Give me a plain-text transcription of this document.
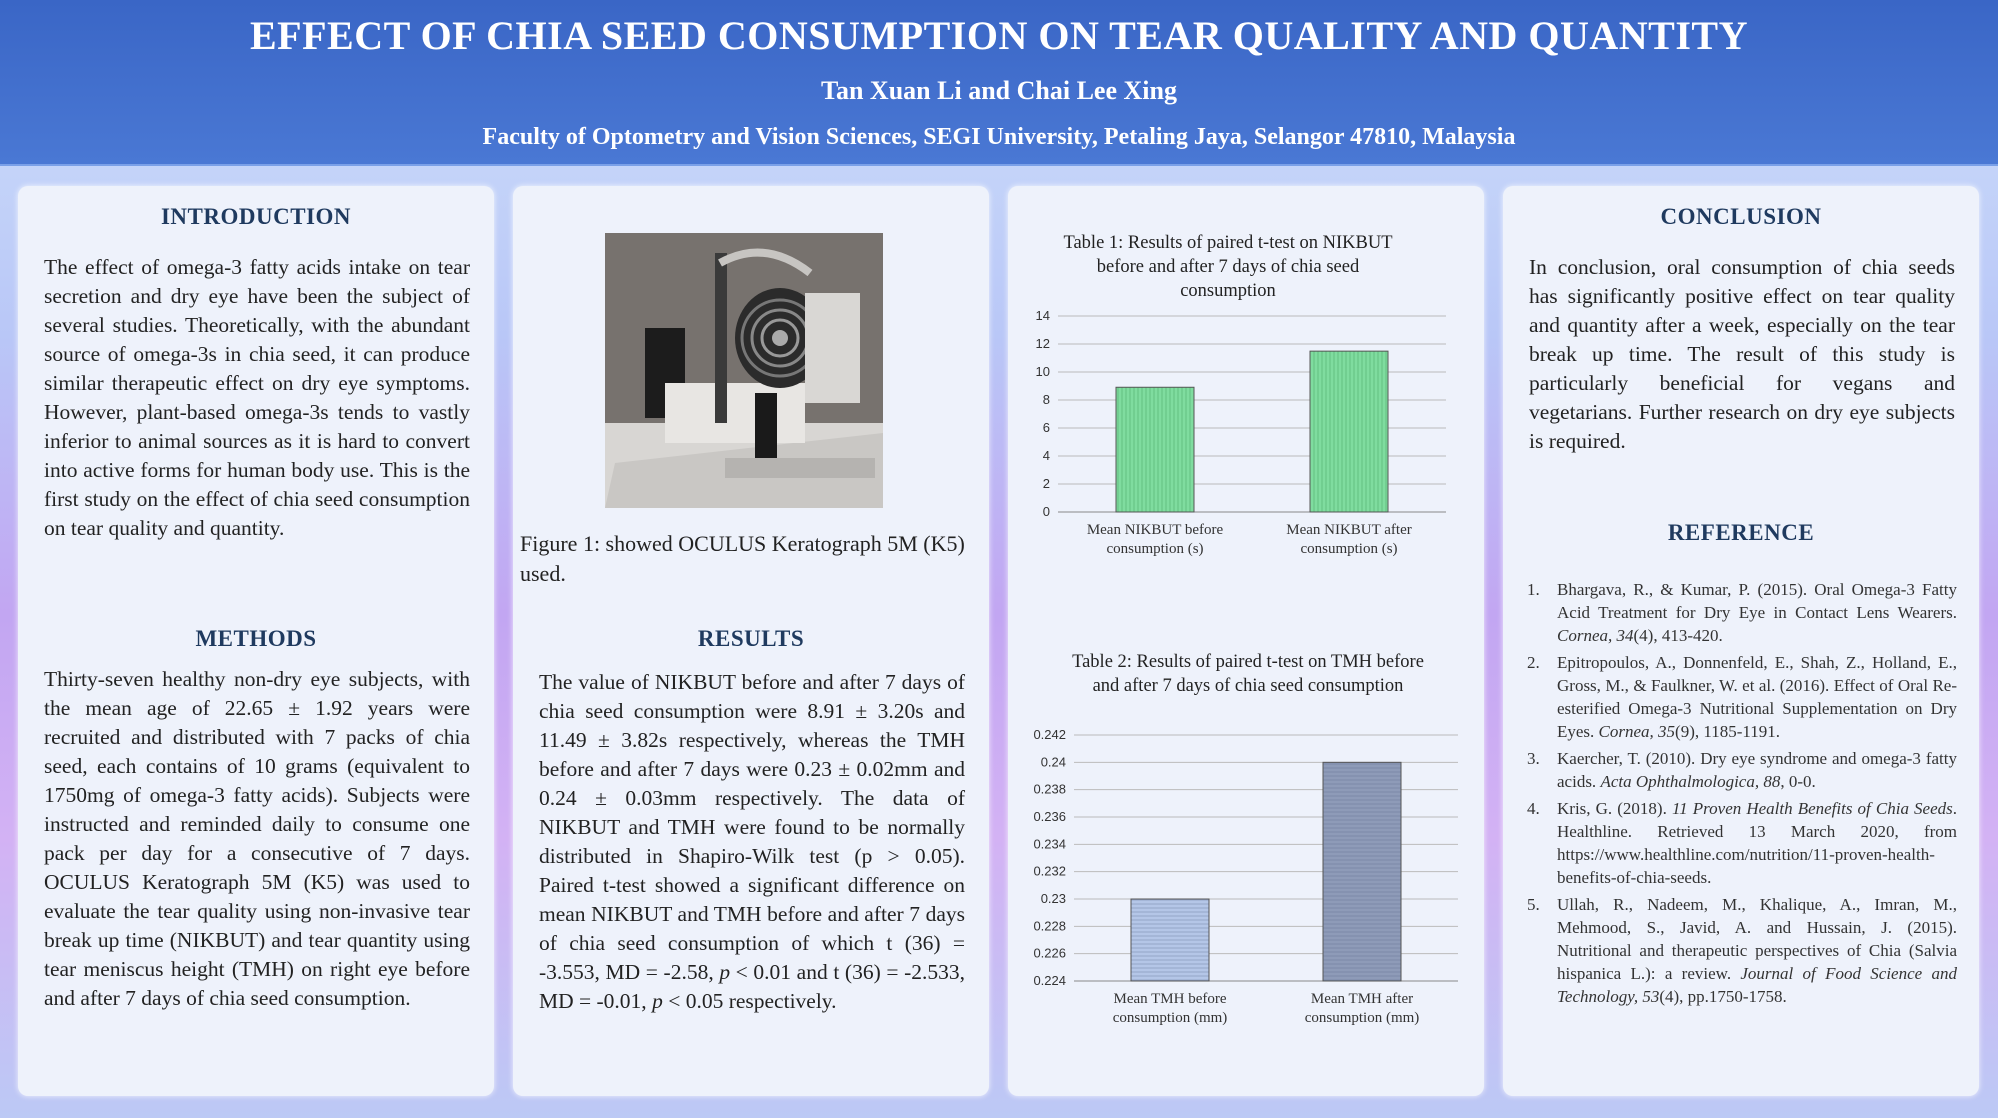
EFFECT OF CHIA SEED CONSUMPTION ON TEAR QUALITY AND QUANTITY
Tan Xuan Li and Chai Lee Xing
Faculty of Optometry and Vision Sciences, SEGI University, Petaling Jaya, Selangor 47810, Malaysia
INTRODUCTION
The effect of omega-3 fatty acids intake on tear secretion and dry eye have been the subject of several studies. Theoretically, with the abundant source of omega-3s in chia seed, it can produce similar therapeutic effect on dry eye symptoms. However, plant-based omega-3s tends to vastly inferior to animal sources as it is hard to convert into active forms for human body use. This is the first study on the effect of chia seed consumption on tear quality and quantity.
METHODS
Thirty-seven healthy non-dry eye subjects, with the mean age of 22.65 ± 1.92 years were recruited and distributed with 7 packs of chia seed, each contains of 10 grams (equivalent to 1750mg of omega-3 fatty acids). Subjects were instructed and reminded daily to consume one pack per day for a consecutive of 7 days. OCULUS Keratograph 5M (K5) was used to evaluate the tear quality using non-invasive tear break up time (NIKBUT) and tear quantity using tear meniscus height (TMH) on right eye before and after 7 days of chia seed consumption.
Figure 1: showed OCULUS Keratograph 5M (K5) used.
RESULTS
The value of NIKBUT before and after 7 days of chia seed consumption were 8.91 ± 3.20s and 11.49 ± 3.82s respectively, whereas the TMH before and after 7 days were 0.23 ± 0.02mm and 0.24 ± 0.03mm respectively. The data of NIKBUT and TMH were found to be normally distributed in Shapiro-Wilk test (p > 0.05). Paired t-test showed a significant difference on mean NIKBUT and TMH before and after 7 days of chia seed consumption of which t (36) = -3.553, MD = -2.58, p < 0.01 and t (36) = -2.533, MD = -0.01, p < 0.05 respectively.
Table 1: Results of paired t-test on NIKBUT before and after 7 days of chia seed consumption
0
2
4
6
8
10
12
14
Mean NIKBUT before
consumption (s)
Mean NIKBUT after
consumption (s)
Table 2: Results of paired t-test on TMH before and after 7 days of chia seed consumption
0.224
0.226
0.228
0.23
0.232
0.234
0.236
0.238
0.24
0.242
Mean TMH before
consumption (mm)
Mean TMH after
consumption (mm)
CONCLUSION
In conclusion, oral consumption of chia seeds has significantly positive effect on tear quality and quantity after a week, especially on the tear break up time. The result of this study is particularly beneficial for vegans and vegetarians. Further research on dry eye subjects is required.
REFERENCE
1.	Bhargava, R., & Kumar, P. (2015). Oral Omega-3 Fatty Acid Treatment for Dry Eye in Contact Lens Wearers. Cornea, 34(4), 413-420.
2.	Epitropoulos, A., Donnenfeld, E., Shah, Z., Holland, E., Gross, M., & Faulkner, W. et al. (2016). Effect of Oral Re-esterified Omega-3 Nutritional Supplementation on Dry Eyes. Cornea, 35(9), 1185-1191.
3.	Kaercher, T. (2010). Dry eye syndrome and omega-3 fatty acids. Acta Ophthalmologica, 88, 0-0.
4.	Kris, G. (2018). 11 Proven Health Benefits of Chia Seeds. Healthline. Retrieved 13 March 2020, from https://www.healthline.com/nutrition/11-proven-health-benefits-of-chia-seeds.
5.	Ullah, R., Nadeem, M., Khalique, A., Imran, M., Mehmood, S., Javid, A. and Hussain, J. (2015). Nutritional and therapeutic perspectives of Chia (Salvia hispanica L.): a review. Journal of Food Science and Technology, 53(4), pp.1750-1758.
